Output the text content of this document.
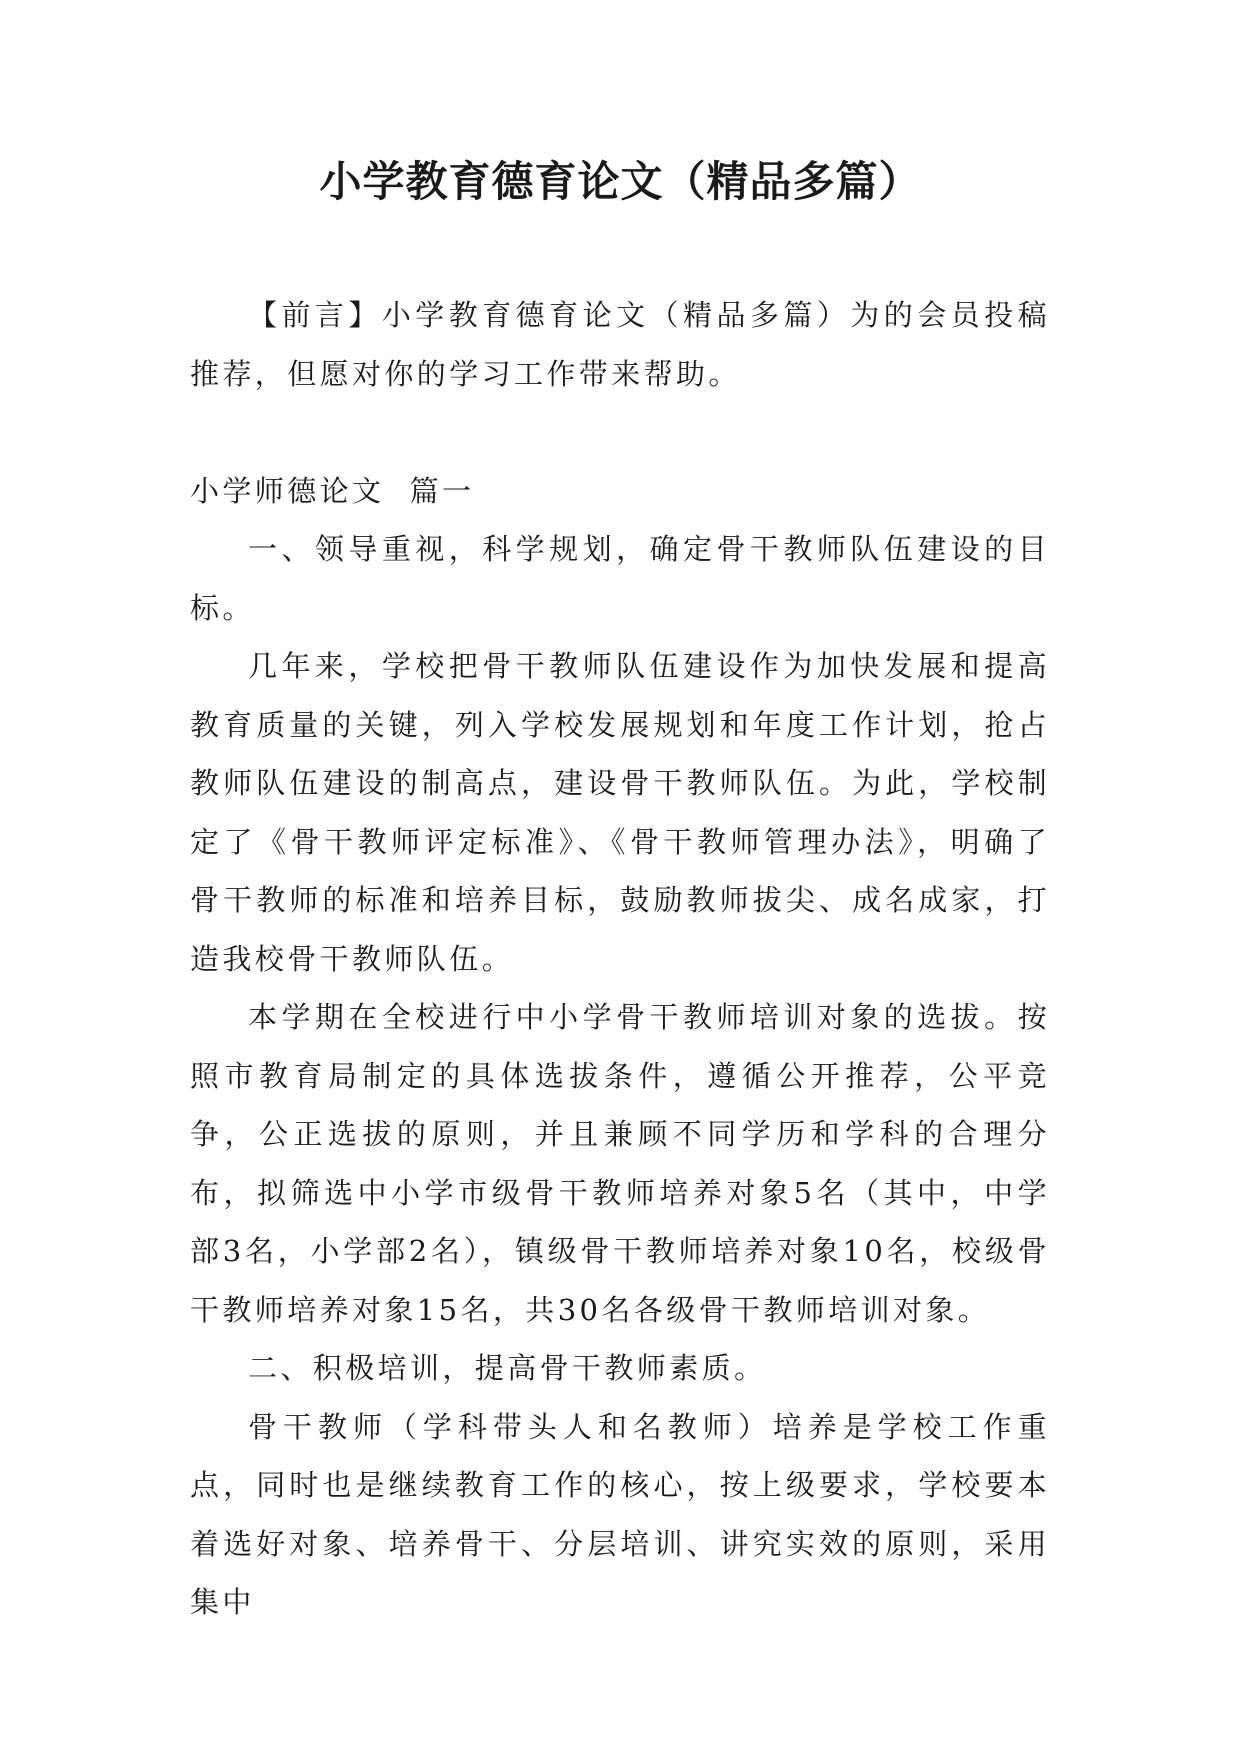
小学教育德育论文（精品多篇）

【前言】小学教育德育论文（精品多篇）为的会员投稿推荐，但愿对你的学习工作带来帮助。

小学师德论文  篇一

一、领导重视，科学规划，确定骨干教师队伍建设的目标。

几年来，学校把骨干教师队伍建设作为加快发展和提高教育质量的关键，列入学校发展规划和年度工作计划，抢占教师队伍建设的制高点，建设骨干教师队伍。为此，学校制定了《骨干教师评定标准》、《骨干教师管理办法》，明确了骨干教师的标准和培养目标，鼓励教师拔尖、成名成家，打造我校骨干教师队伍。

本学期在全校进行中小学骨干教师培训对象的选拔。按照市教育局制定的具体选拔条件，遵循公开推荐，公平竞争，公正选拔的原则，并且兼顾不同学历和学科的合理分布，拟筛选中小学市级骨干教师培养对象5名（其中，中学部3名，小学部2名），镇级骨干教师培养对象10名，校级骨干教师培养对象15名，共30名各级骨干教师培训对象。

二、积极培训，提高骨干教师素质。

骨干教师（学科带头人和名教师）培养是学校工作重点，同时也是继续教育工作的核心，按上级要求，学校要本着选好对象、培养骨干、分层培训、讲究实效的原则，采用集中
